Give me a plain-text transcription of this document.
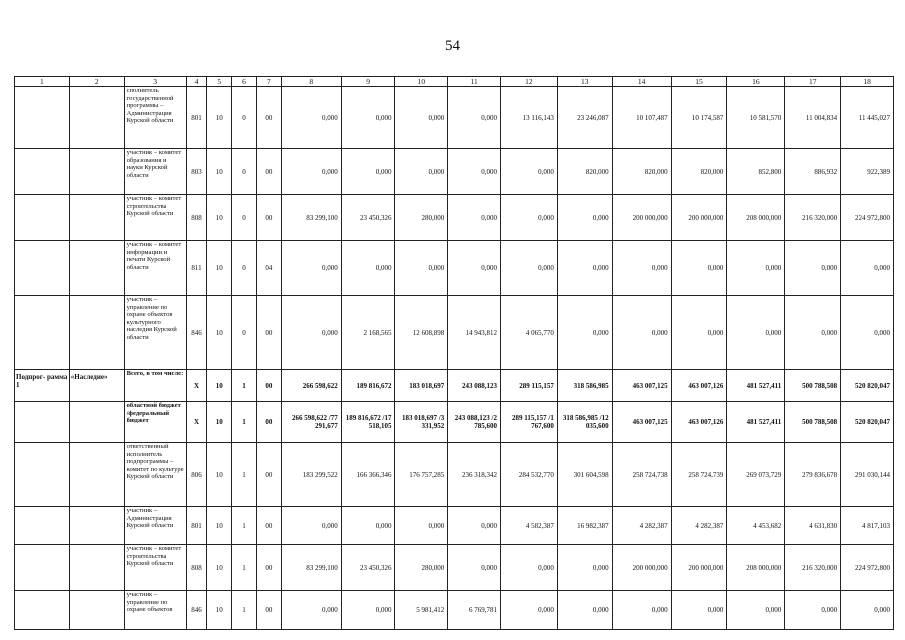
54
1	2	3	4	5	6	7	8	9	10	11	12	13	14	15	16	17	18
		сполнитель государственной программы – Администрация Курской области	801	10	0	00	0,000	0,000	0,000	0,000	13 116,143	23 246,087	10 107,487	10 174,587	10 581,570	11 004,834	11 445,027
		участник – комитет образования и науки Курской области	803	10	0	00	0,000	0,000	0,000	0,000	0,000	820,000	820,000	820,000	852,800	886,932	922,389
		участник – комитет строительства Курской области	808	10	0	00	83 299,100	23 450,326	280,000	0,000	0,000	0,000	200 000,000	200 000,000	208 000,000	216 320,000	224 972,800
		участник – комитет информации и печати Курской области	811	10	0	04	0,000	0,000	0,000	0,000	0,000	0,000	0,000	0,000	0,000	0,000	0,000
		участник – управление по охране объектов культурного наследия Курской области	846	10	0	00	0,000	2 168,565	12 608,898	14 943,812	4 065,770	0,000	0,000	0,000	0,000	0,000	0,000
Подпрог- рамма 1	«Наследие»	Всего, в том числе:	Х	10	1	00	266 598,622	189 816,672	183 018,697	243 088,123	289 115,157	318 586,985	463 007,125	463 007,126	481 527,411	500 788,508	520 820,047
		областной бюджет /федеральный бюджет	Х	10	1	00	266 598,622 /77 291,677	189 816,672 /17 518,105	183 018,697 /3 331,952	243 088,123 /2 785,600	289 115,157 /1 767,600	318 586,985 /12 035,600	463 007,125	463 007,126	481 527,411	500 788,508	520 820,047
		ответственный исполнитель подпрограммы – комитет по культуре Курской области	806	10	1	00	183 299,522	166 366,346	176 757,285	236 318,342	284 532,770	301 604,598	258 724,738	258 724,739	269 073,729	279 836,678	291 030,144
		участник – Администрация Курской области	801	10	1	00	0,000	0,000	0,000	0,000	4 582,387	16 982,387	4 282,387	4 282,387	4 453,682	4 631,830	4 817,103
		участник – комитет строительства Курской области	808	10	1	00	83 299,100	23 450,326	280,000	0,000	0,000	0,000	200 000,000	200 000,000	208 000,000	216 320,000	224 972,800
		участник – управление по охране объектов	846	10	1	00	0,000	0,000	5 981,412	6 769,781	0,000	0,000	0,000	0,000	0,000	0,000	0,000
